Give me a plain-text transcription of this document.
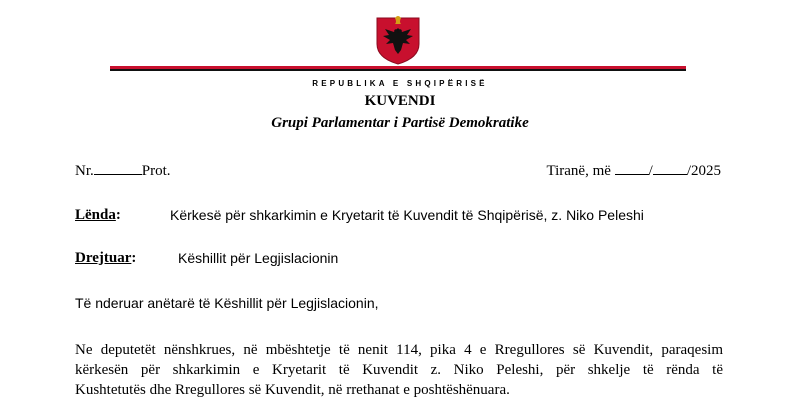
REPUBLIKA E SHQIPËRISË
KUVENDI
Grupi Parlamentar i Partisë Demokratike
Nr.	Prot.	Tiranë, më	/ /2025
Lënda:	Kërkesë për shkarkimin e Kryetarit të Kuvendit të Shqipërisë, z. Niko Peleshi
Drejtuar:	Këshillit për Legjislacionin
Të nderuar anëtarë të Këshillit për Legjislacionin,
Ne deputetët nënshkrues, në mbështetje të nenit 114, pika 4 e Rregullores së Kuvendit, paraqesim
kërkesën për shkarkimin e Kryetarit të Kuvendit z. Niko Peleshi, për shkelje të rënda të
Kushtetutës dhe Rregullores së Kuvendit, në rrethanat e poshtëshënuara.
